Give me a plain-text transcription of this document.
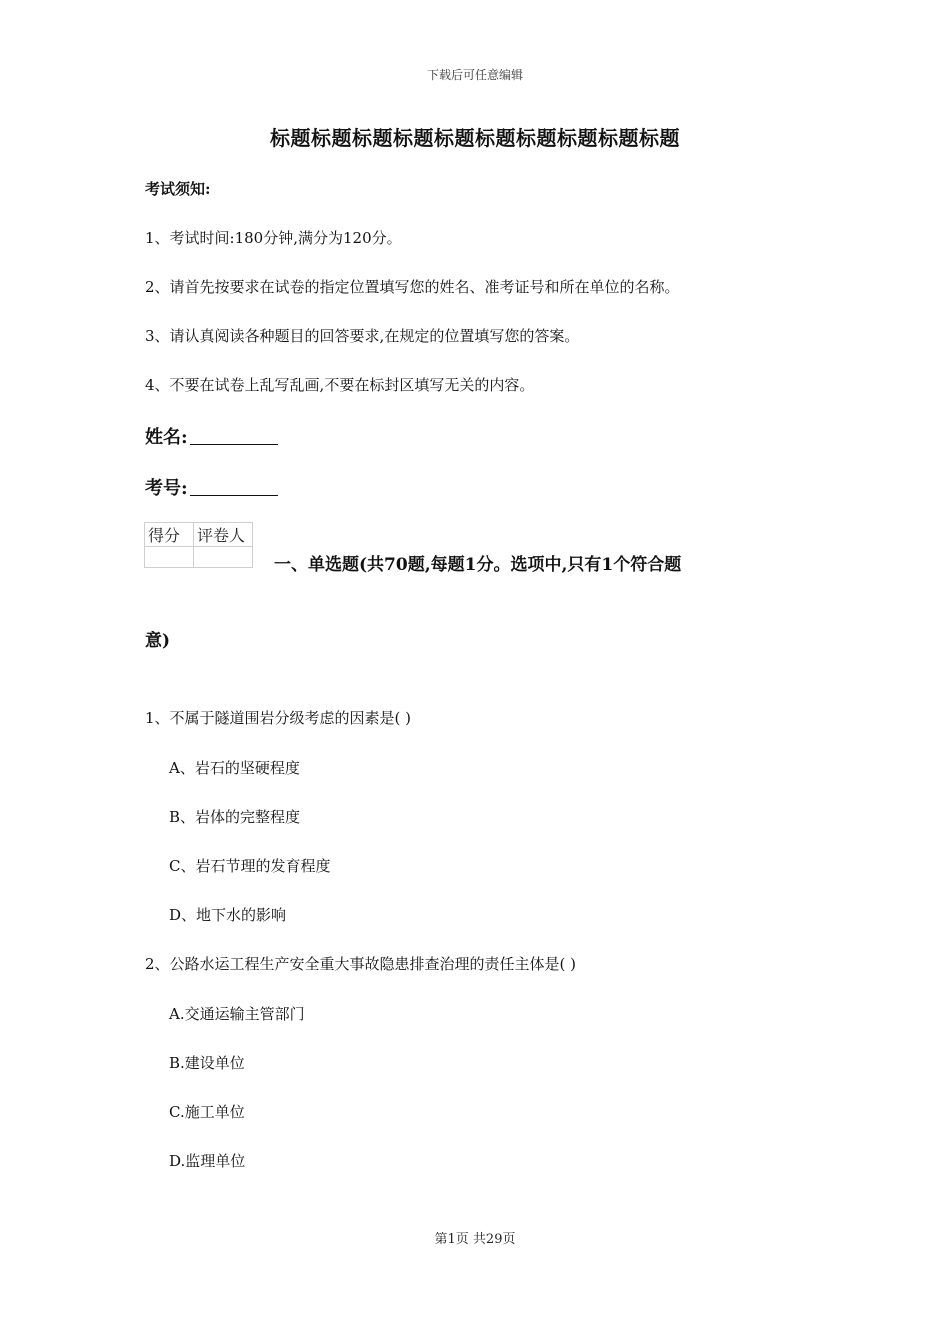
下载后可任意编辑
标题标题标题标题标题标题标题标题标题标题
考试须知:
1、考试时间:180分钟,满分为120分。
2、请首先按要求在试卷的指定位置填写您的姓名、准考证号和所在单位的名称。
3、请认真阅读各种题目的回答要求,在规定的位置填写您的答案。
4、不要在试卷上乱写乱画,不要在标封区填写无关的内容。
姓名:
考号:
得分	评卷人

一、单选题(共70题,每题1分。选项中,只有1个符合题
意)
1、不属于隧道围岩分级考虑的因素是( )
A、岩石的坚硬程度
B、岩体的完整程度
C、岩石节理的发育程度
D、地下水的影响
2、公路水运工程生产安全重大事故隐患排查治理的责任主体是( )
A.交通运输主管部门
B.建设单位
C.施工单位
D.监理单位
第1页 共29页
